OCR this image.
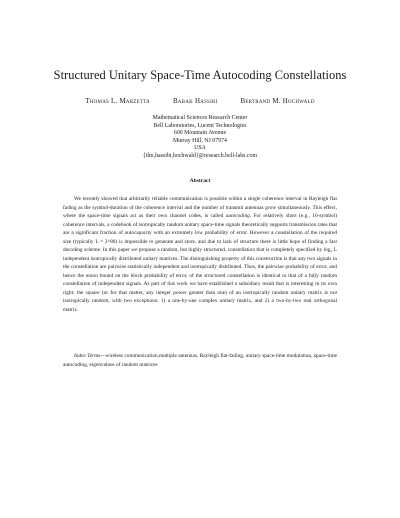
Structured Unitary Space-Time Autocoding Constellations
Thomas L. Marzetta	Babak Hassibi	Bertrand M. Hochwald
Mathematical Sciences Research Center
Bell Laboratories, Lucent Technologies
600 Mountain Avenue
Murray Hill, NJ 07974
USA
{tlm,hassibi,hochwald}@research.bell-labs.com
Abstract

We recently showed that arbitrarily reliable communication is possible within a single coherence interval in Rayleigh flat fading as the symbol-duration of the coherence interval and the number of transmit antennas grow simultaneously. This effect, where the space-time signals act as their own channel codes, is called autocoding. For relatively short (e.g., 16-symbol) coherence intervals, a codebook of isotropically random unitary space-time signals theoretically supports transmission rates that are a significant fraction of autocapacity with an extremely low probability of error. However a constellation of the required size (typically L = 2^80) is impossible to generate and store, and due to lack of structure there is little hope of finding a fast decoding scheme. In this paper we propose a random, but highly structured, constellation that is completely specified by log₂ L independent isotropically distributed unitary matrices. The distinguishing property of this construction is that any two signals in the constellation are pairwise statistically independent and isotropically distributed. Thus, the pairwise probability of error, and hence the union bound on the block probability of error, of the structured constellation is identical to that of a fully random constellation of independent signals. As part of this work we have established a subsidiary result that is interesting in its own right: the square (or for that matter, any integer power greater than one) of an isotropically random unitary matrix is not isotropically random, with two exceptions: 1) a one-by-one complex unitary matrix, and 2) a two-by-two real orthogonal matrix.

Index Terms—wireless communication,multiple antennas, Rayleigh flat-fading, unitary space-time modulation, space-time autocoding, eigenvalues of random matrices
